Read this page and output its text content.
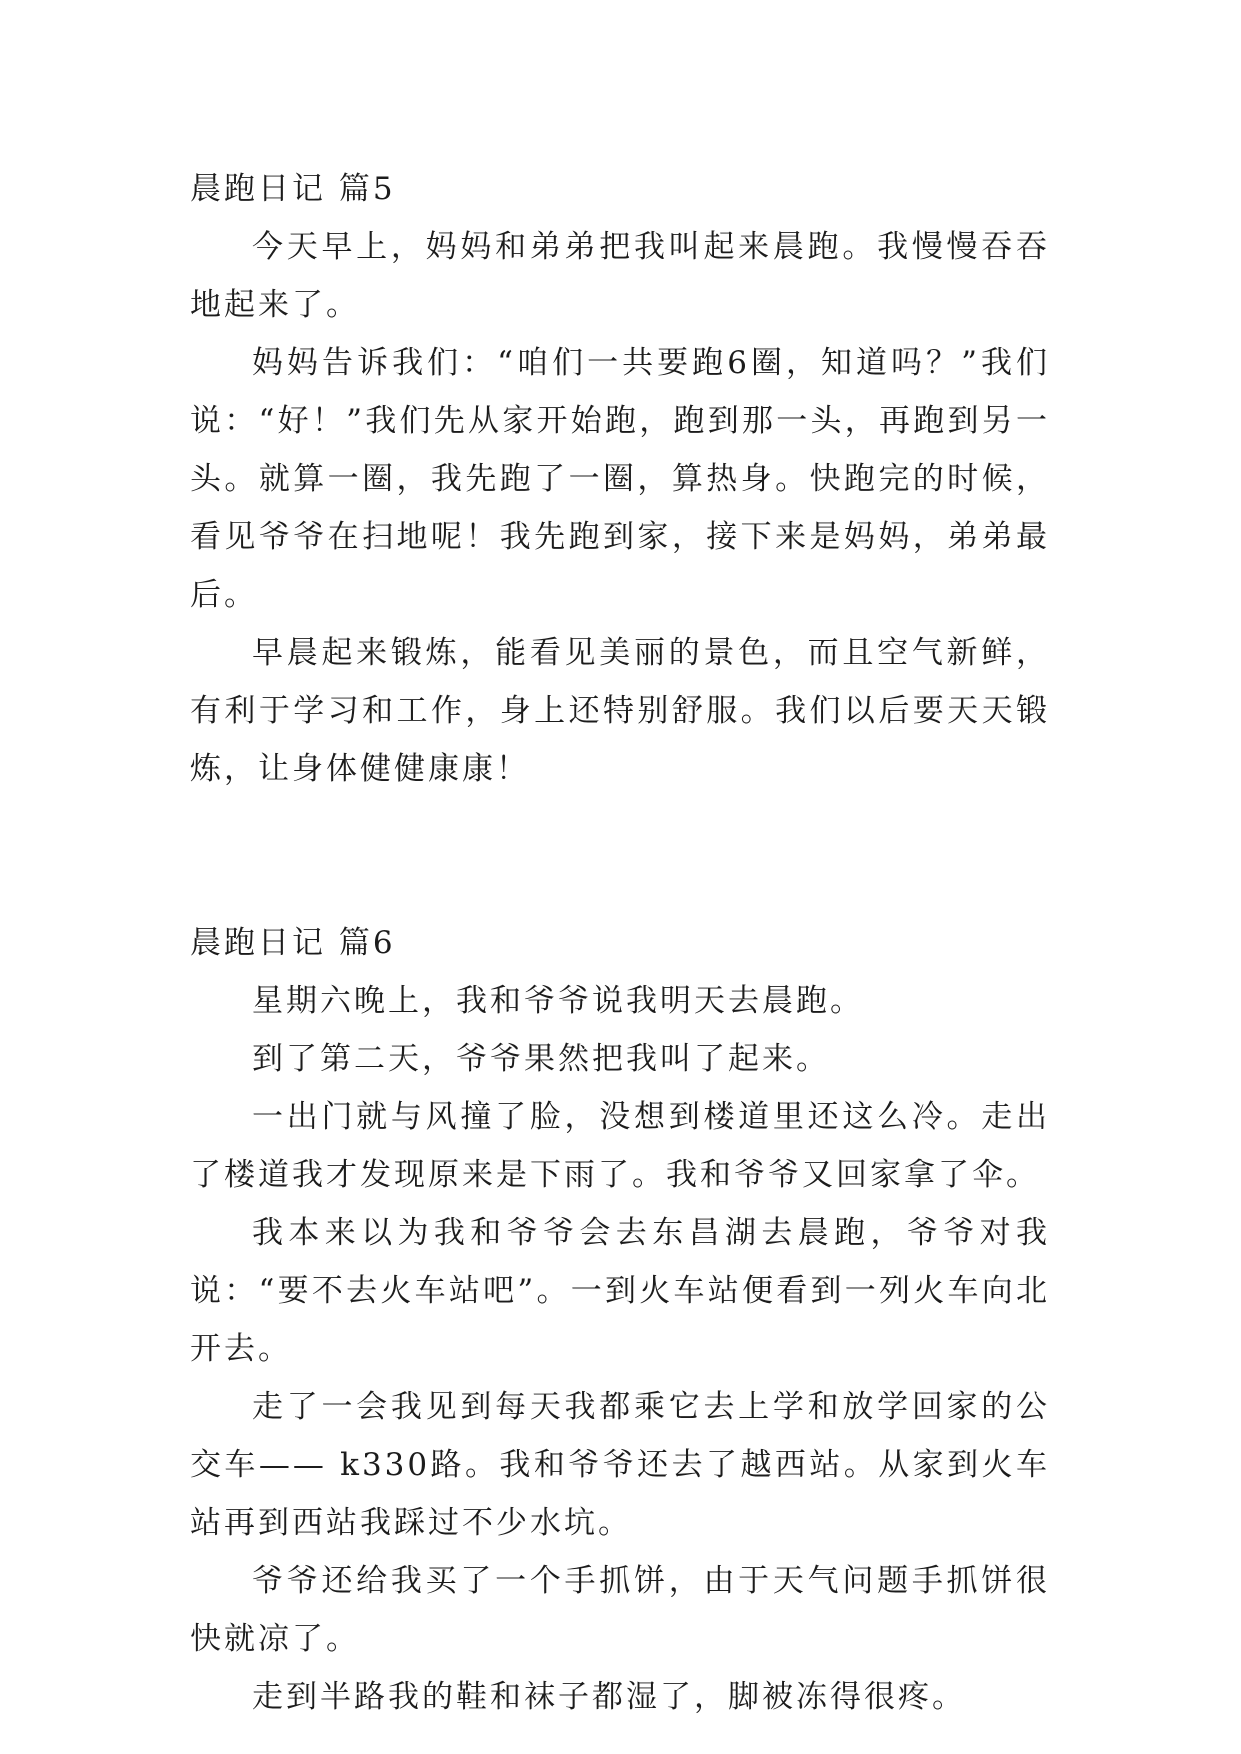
晨跑日记 篇5

今天早上，妈妈和弟弟把我叫起来晨跑。我慢慢吞吞地起来了。

妈妈告诉我们：“咱们一共要跑6圈，知道吗？”我们说：“好！”我们先从家开始跑，跑到那一头，再跑到另一头。就算一圈，我先跑了一圈，算热身。快跑完的时候，看见爷爷在扫地呢！我先跑到家，接下来是妈妈，弟弟最后。

早晨起来锻炼，能看见美丽的景色，而且空气新鲜，有利于学习和工作，身上还特别舒服。我们以后要天天锻炼，让身体健健康康！

晨跑日记 篇6

星期六晚上，我和爷爷说我明天去晨跑。

到了第二天，爷爷果然把我叫了起来。

一出门就与风撞了脸，没想到楼道里还这么冷。走出了楼道我才发现原来是下雨了。我和爷爷又回家拿了伞。

我本来以为我和爷爷会去东昌湖去晨跑，爷爷对我说：“要不去火车站吧”。一到火车站便看到一列火车向北开去。

走了一会我见到每天我都乘它去上学和放学回家的公交车—— k330路。我和爷爷还去了越西站。从家到火车站再到西站我踩过不少水坑。

爷爷还给我买了一个手抓饼，由于天气问题手抓饼很快就凉了。

走到半路我的鞋和袜子都湿了，脚被冻得很疼。
